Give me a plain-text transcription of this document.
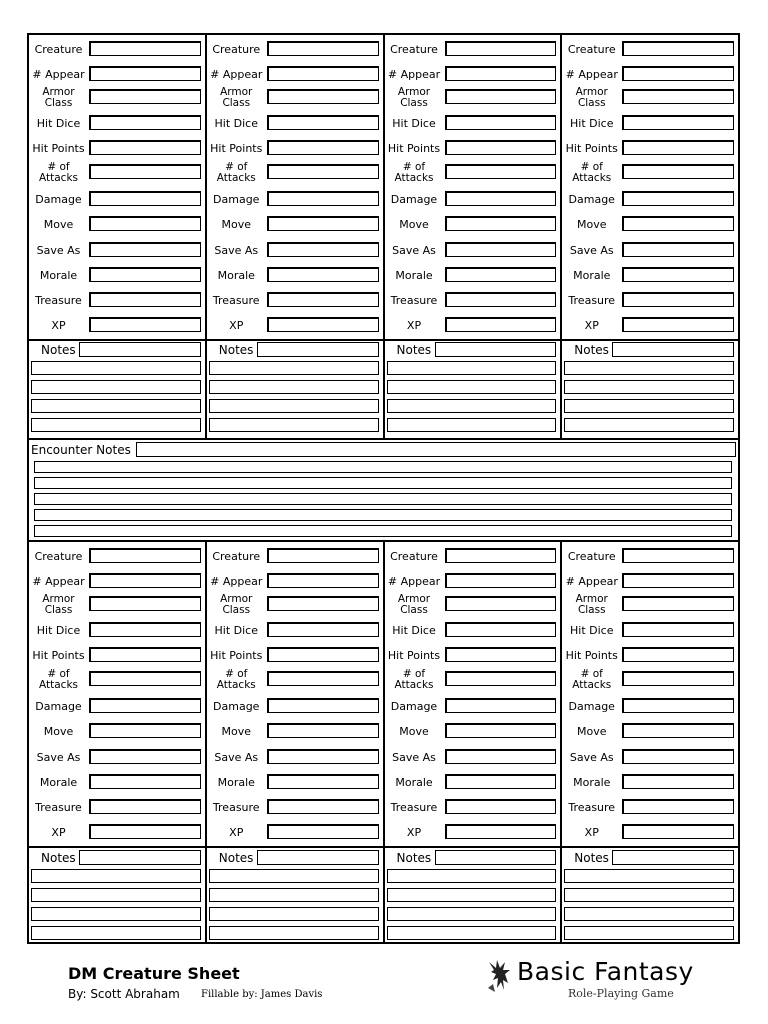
Creature
# Appear
Armor Class
Hit Dice
Hit Points
# of Attacks
Damage
Move
Save As
Morale
Treasure
XP
Creature
# Appear
Armor Class
Hit Dice
Hit Points
# of Attacks
Damage
Move
Save As
Morale
Treasure
XP
Creature
# Appear
Armor Class
Hit Dice
Hit Points
# of Attacks
Damage
Move
Save As
Morale
Treasure
XP
Creature
# Appear
Armor Class
Hit Dice
Hit Points
# of Attacks
Damage
Move
Save As
Morale
Treasure
XP
Notes	Notes	Notes	Notes
Encounter Notes
Creature
# Appear
Armor Class
Hit Dice
Hit Points
# of Attacks
Damage
Move
Save As
Morale
Treasure
XP
Creature
# Appear
Armor Class
Hit Dice
Hit Points
# of Attacks
Damage
Move
Save As
Morale
Treasure
XP
Creature
# Appear
Armor Class
Hit Dice
Hit Points
# of Attacks
Damage
Move
Save As
Morale
Treasure
XP
Creature
# Appear
Armor Class
Hit Dice
Hit Points
# of Attacks
Damage
Move
Save As
Morale
Treasure
XP
Notes	Notes	Notes	Notes
DM Creature Sheet
By: Scott Abraham Fillable by: James Davis
Basic Fantasy
Role-Playing Game
